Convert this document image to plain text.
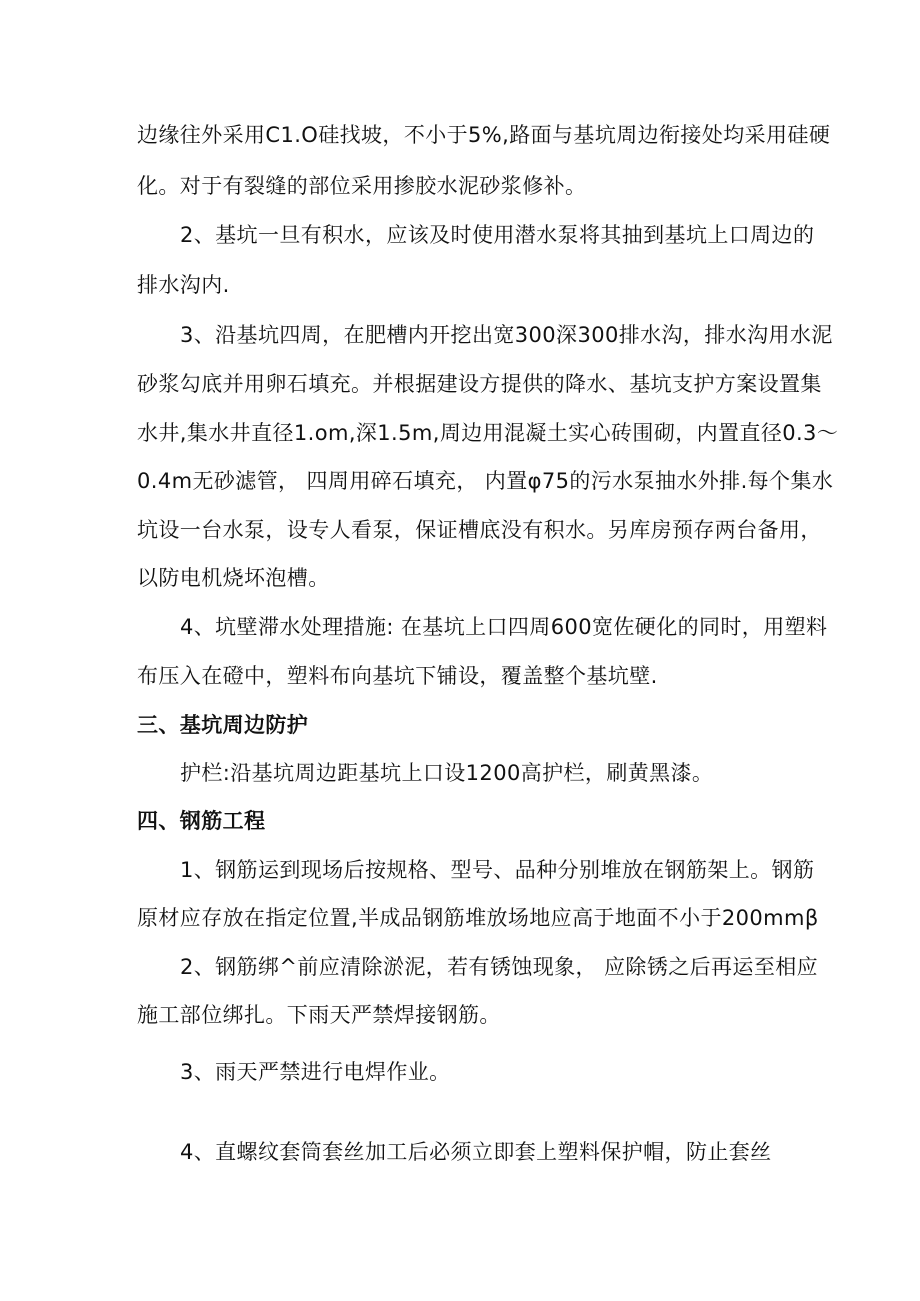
边缘往外采用C1.O硅找坡，不小于5%,路面与基坑周边衔接处均采用硅硬
化。对于有裂缝的部位采用掺胶水泥砂浆修补。
2、基坑一旦有积水，应该及时使用潜水泵将其抽到基坑上口周边的
排水沟内.
3、沿基坑四周，在肥槽内开挖出宽300深300排水沟，排水沟用水泥
砂浆勾底并用卵石填充。并根据建设方提供的降水、基坑支护方案设置集
水井,集水井直径1.om,深1.5m,周边用混凝土实心砖围砌，内置直径0.3～
0.4m无砂滤管， 四周用碎石填充， 内置φ75的污水泵抽水外排.每个集水
坑设一台水泵，设专人看泵，保证槽底没有积水。另库房预存两台备用，
以防电机烧坏泡槽。
4、坑壁滞水处理措施: 在基坑上口四周600宽佐硬化的同时，用塑料
布压入在磴中，塑料布向基坑下铺设，覆盖整个基坑壁.
三、基坑周边防护
护栏:沿基坑周边距基坑上口设1200高护栏，刷黄黑漆。
四、钢筋工程
1、钢筋运到现场后按规格、型号、品种分别堆放在钢筋架上。钢筋
原材应存放在指定位置,半成品钢筋堆放场地应高于地面不小于200mmβ
2、钢筋绑^前应清除淤泥，若有锈蚀现象， 应除锈之后再运至相应
施工部位绑扎。下雨天严禁焊接钢筋。
3、雨天严禁进行电焊作业。
4、直螺纹套筒套丝加工后必须立即套上塑料保护帽，防止套丝
